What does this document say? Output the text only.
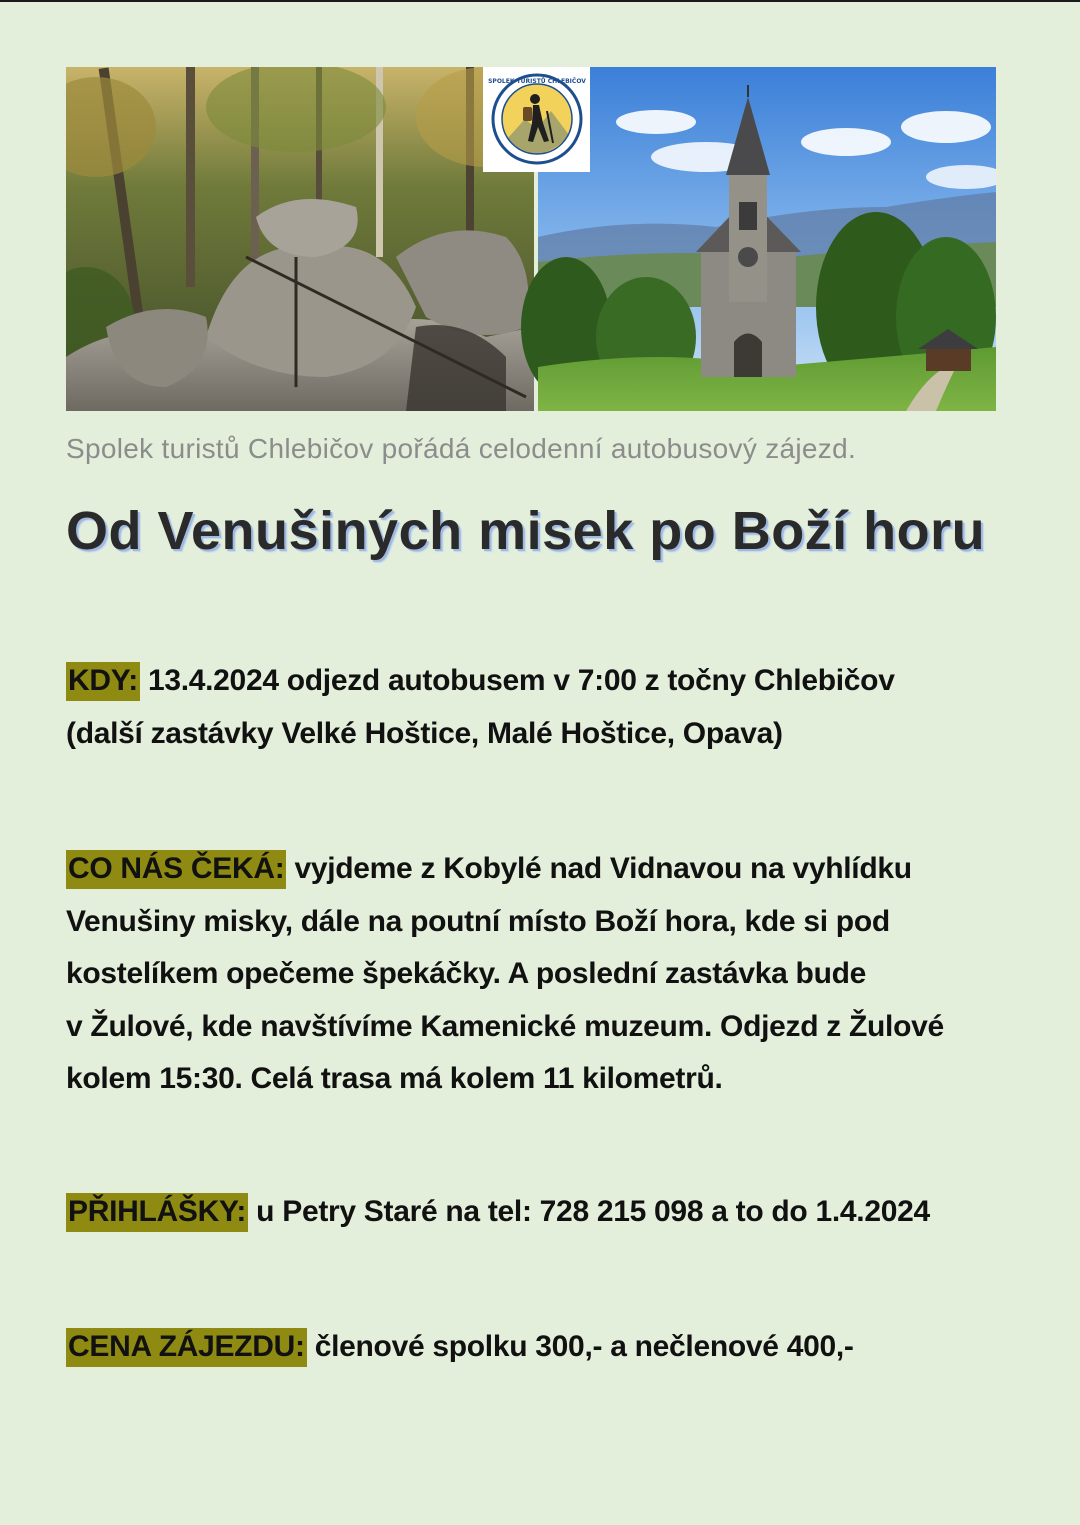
SPOLEK TURISTŮ CHLEBIČOV
Spolek turistů Chlebičov pořádá celodenní autobusový zájezd.
Od Venušiných misek po Boží horu
KDY: 13.4.2024 odjezd autobusem v 7:00 z točny Chlebičov
(další zastávky Velké Hoštice, Malé Hoštice, Opava)
CO NÁS ČEKÁ: vyjdeme z Kobylé nad Vidnavou na vyhlídku
Venušiny misky, dále na poutní místo Boží hora, kde si pod
kostelíkem opečeme špekáčky. A poslední zastávka bude
v Žulové, kde navštívíme Kamenické muzeum. Odjezd z Žulové
kolem 15:30. Celá trasa má kolem 11 kilometrů.
PŘIHLÁŠKY: u Petry Staré na tel: 728 215 098 a to do 1.4.2024
CENA ZÁJEZDU: členové spolku 300,- a nečlenové 400,-
